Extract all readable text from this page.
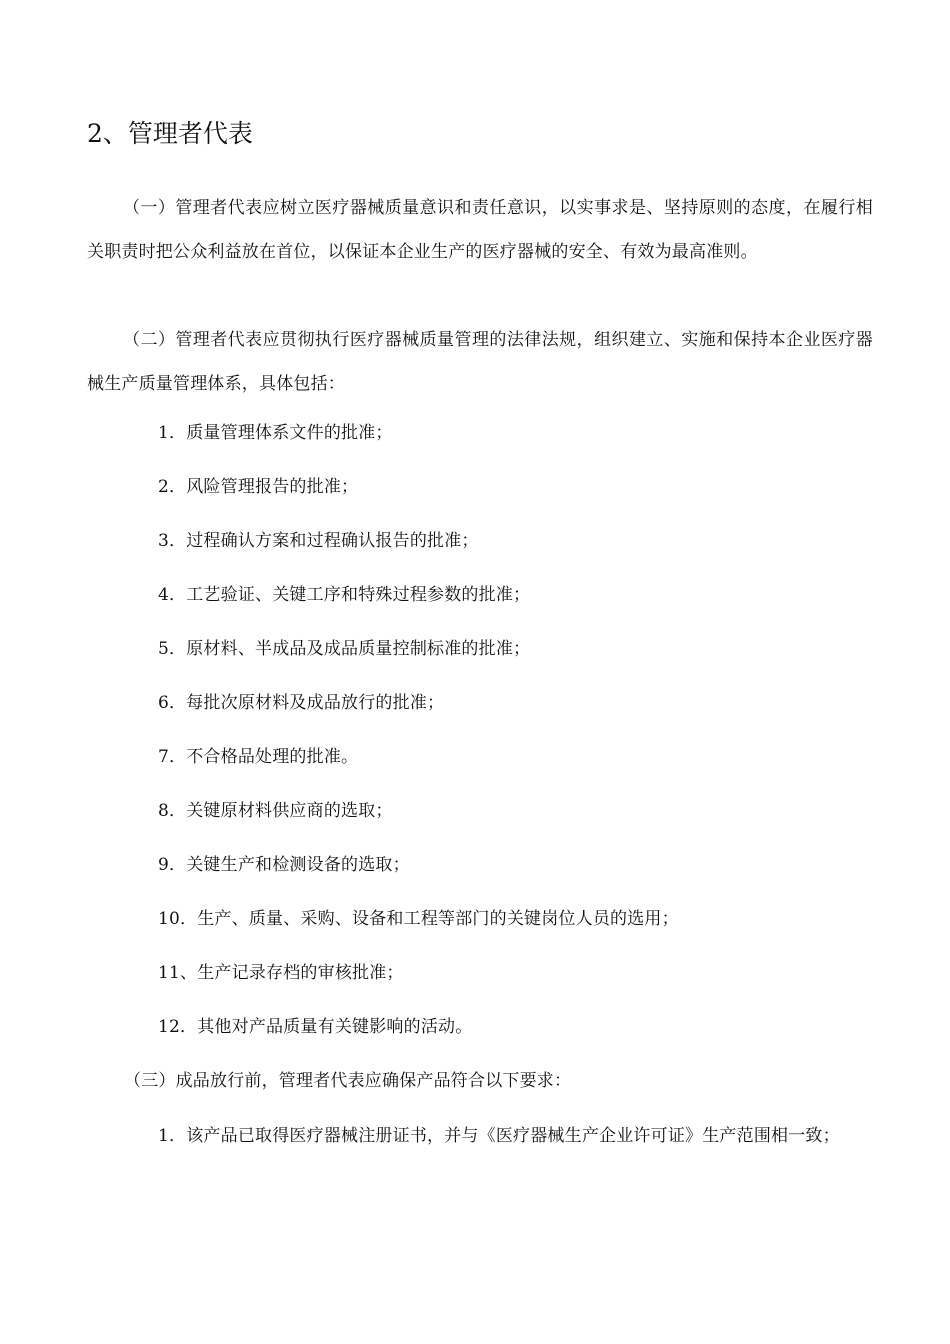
2、管理者代表
（一）管理者代表应树立医疗器械质量意识和责任意识，以实事求是、坚持原则的态度，在履行相关职责时把公众利益放在首位，以保证本企业生产的医疗器械的安全、有效为最高准则。
（二）管理者代表应贯彻执行医疗器械质量管理的法律法规，组织建立、实施和保持本企业医疗器械生产质量管理体系，具体包括：
1．质量管理体系文件的批准；
2．风险管理报告的批准；
3．过程确认方案和过程确认报告的批准；
4．工艺验证、关键工序和特殊过程参数的批准；
5．原材料、半成品及成品质量控制标准的批准；
6．每批次原材料及成品放行的批准；
7．不合格品处理的批准。
8．关键原材料供应商的选取；
9．关键生产和检测设备的选取；
10．生产、质量、采购、设备和工程等部门的关键岗位人员的选用；
11、生产记录存档的审核批准；
12．其他对产品质量有关键影响的活动。
（三）成品放行前，管理者代表应确保产品符合以下要求：
1．该产品已取得医疗器械注册证书，并与《医疗器械生产企业许可证》生产范围相一致；
